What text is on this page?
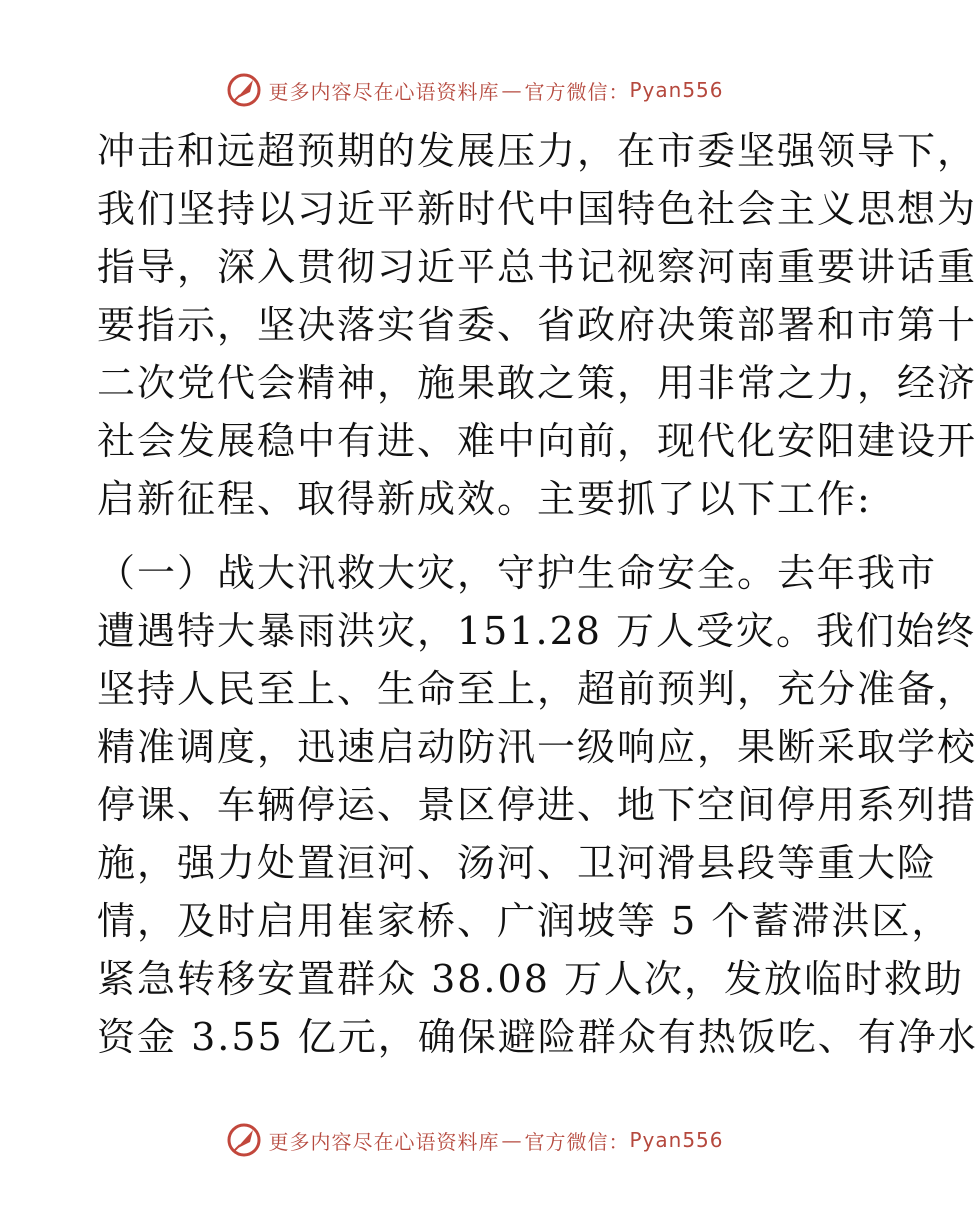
更多内容尽在心语资料库 — 官方微信： Pyan556
冲击和远超预期的发展压力，在市委坚强领导下，
我们坚持以习近平新时代中国特色社会主义思想为
指导，深入贯彻习近平总书记视察河南重要讲话重
要指示，坚决落实省委、省政府决策部署和市第十
二次党代会精神，施果敢之策，用非常之力，经济
社会发展稳中有进、难中向前，现代化安阳建设开
启新征程、取得新成效。主要抓了以下工作:
（一）战大汛救大灾，守护生命安全。去年我市
遭遇特大暴雨洪灾，151.28 万人受灾。我们始终
坚持人民至上、生命至上，超前预判，充分准备，
精准调度，迅速启动防汛一级响应，果断采取学校
停课、车辆停运、景区停进、地下空间停用系列措
施，强力处置洹河、汤河、卫河滑县段等重大险
情，及时启用崔家桥、广润坡等 5 个蓄滞洪区，
紧急转移安置群众 38.08 万人次，发放临时救助
资金 3.55 亿元，确保避险群众有热饭吃、有净水
更多内容尽在心语资料库 — 官方微信： Pyan556
